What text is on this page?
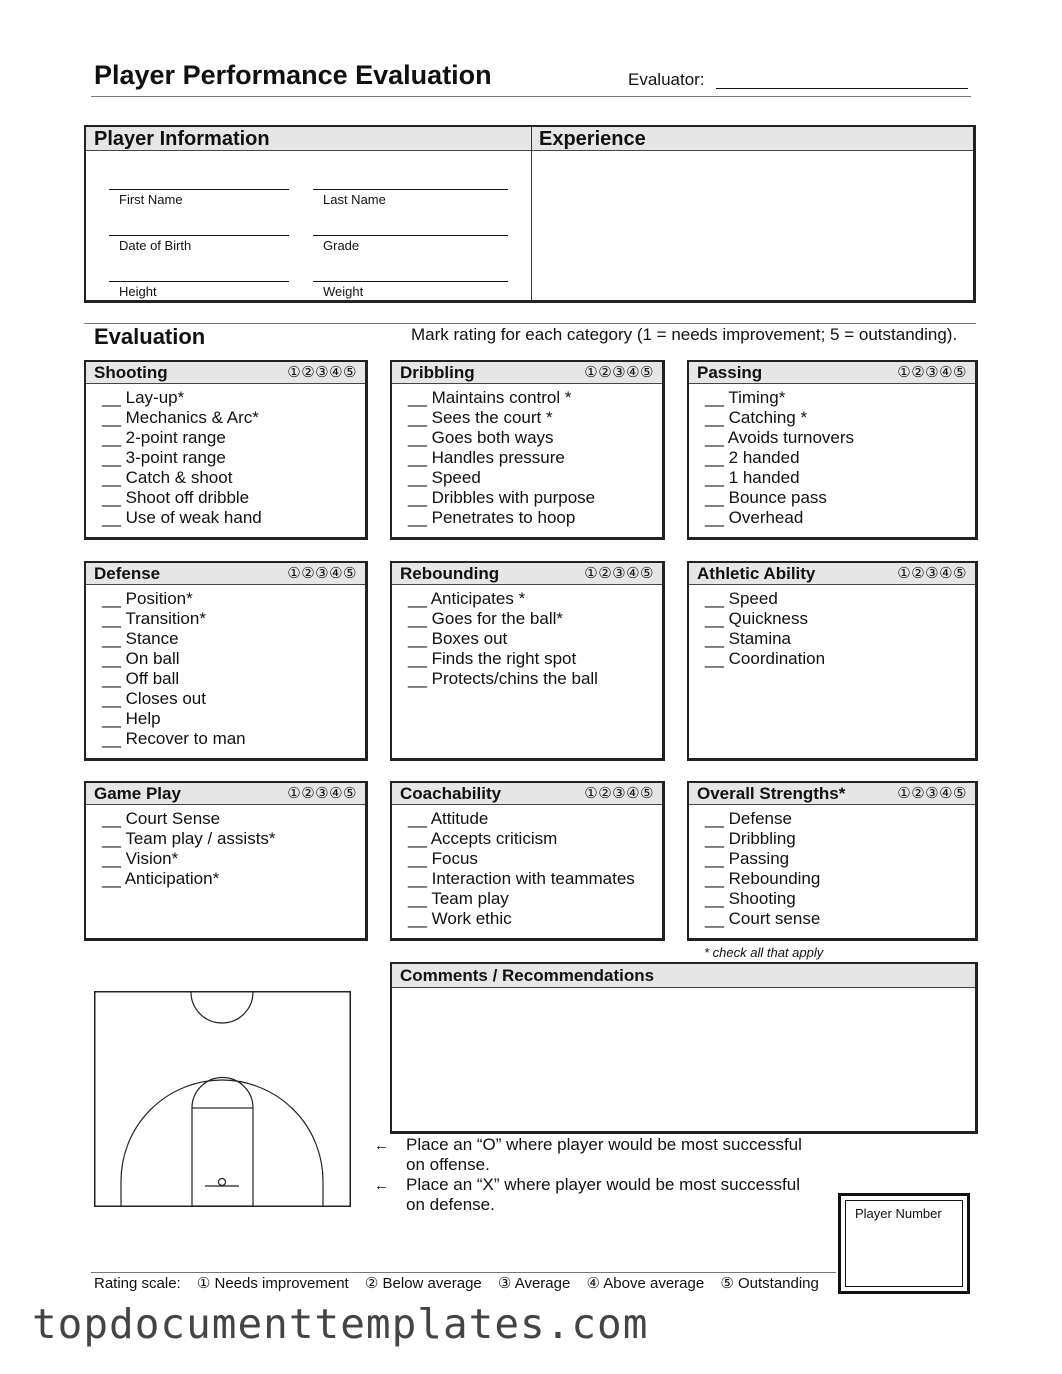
Player Performance Evaluation	Evaluator:
Player Information	Experience
First Name	Last Name
Date of Birth	Grade
Height	Weight
Evaluation	Mark rating for each category (1 = needs improvement; 5 = outstanding).
Shooting	①②③④⑤
__ Lay-up*
__ Mechanics & Arc*
__ 2-point range
__ 3-point range
__ Catch & shoot
__ Shoot off dribble
__ Use of weak hand
Dribbling	①②③④⑤
__ Maintains control *
__ Sees the court *
__ Goes both ways
__ Handles pressure
__ Speed
__ Dribbles with purpose
__ Penetrates to hoop
Passing	①②③④⑤
__ Timing*
__ Catching *
__ Avoids turnovers
__ 2 handed
__ 1 handed
__ Bounce pass
__ Overhead
Defense	①②③④⑤
__ Position*
__ Transition*
__ Stance
__ On ball
__ Off ball
__ Closes out
__ Help
__ Recover to man
Rebounding	①②③④⑤
__ Anticipates *
__ Goes for the ball*
__ Boxes out
__ Finds the right spot
__ Protects/chins the ball
Athletic Ability	①②③④⑤
__ Speed
__ Quickness
__ Stamina
__ Coordination
Game Play	①②③④⑤
__ Court Sense
__ Team play / assists*
__ Vision*
__ Anticipation*
Coachability	①②③④⑤
__ Attitude
__ Accepts criticism
__ Focus
__ Interaction with teammates
__ Team play
__ Work ethic
Overall Strengths*	①②③④⑤
__ Defense
__ Dribbling
__ Passing
__ Rebounding
__ Shooting
__ Court sense
* check all that apply
Comments / Recommendations
← Place an “O” where player would be most successful
on offense.
← Place an “X” where player would be most successful
on defense.	Player Number
Rating scale: ① Needs improvement ② Below average ③ Average ④ Above average ⑤ Outstanding
topdocumenttemplates.com
